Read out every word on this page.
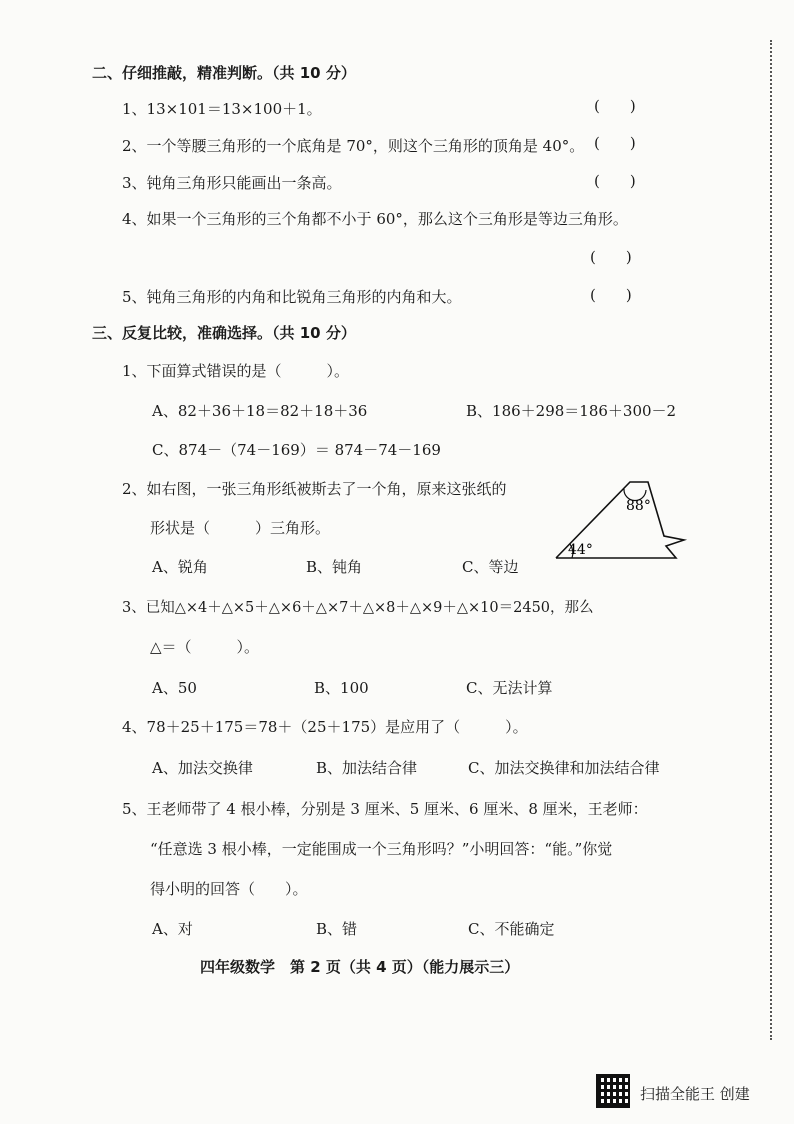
二、仔细推敲，精准判断。（共 10 分）
1、13×101＝13×100＋1。	(　　)
2、一个等腰三角形的一个底角是 70°，则这个三角形的顶角是 40°。 (　　)
3、钝角三角形只能画出一条高。	(　　)
4、如果一个三角形的三个角都不小于 60°，那么这个三角形是等边三角形。
(　　)
5、钝角三角形的内角和比锐角三角形的内角和大。	(　　)
三、反复比较，准确选择。（共 10 分）
1、下面算式错误的是（　　　）。
A、82＋36＋18＝82＋18＋36	B、186＋298＝186＋300－2
C、874－（74－169）＝ 874－74－169
2、如右图，一张三角形纸被斯去了一个角，原来这张纸的
形状是（　　　）三角形。
88°
44°
A、锐角	B、钝角	C、等边
3、已知△×4＋△×5＋△×6＋△×7＋△×8＋△×9＋△×10＝2450，那么
△＝（　　　）。
A、50	B、100	C、无法计算
4、78＋25＋175＝78＋（25＋175）是应用了（　　　）。
A、加法交换律	B、加法结合律	C、加法交换律和加法结合律
5、王老师带了 4 根小棒，分别是 3 厘米、5 厘米、6 厘米、8 厘米，王老师：
“任意选 3 根小棒，一定能围成一个三角形吗？”小明回答：“能。”你觉
得小明的回答（　　）。
A、对	B、错	C、不能确定
四年级数学　第 2 页（共 4 页）（能力展示三）
扫描全能王 创建
